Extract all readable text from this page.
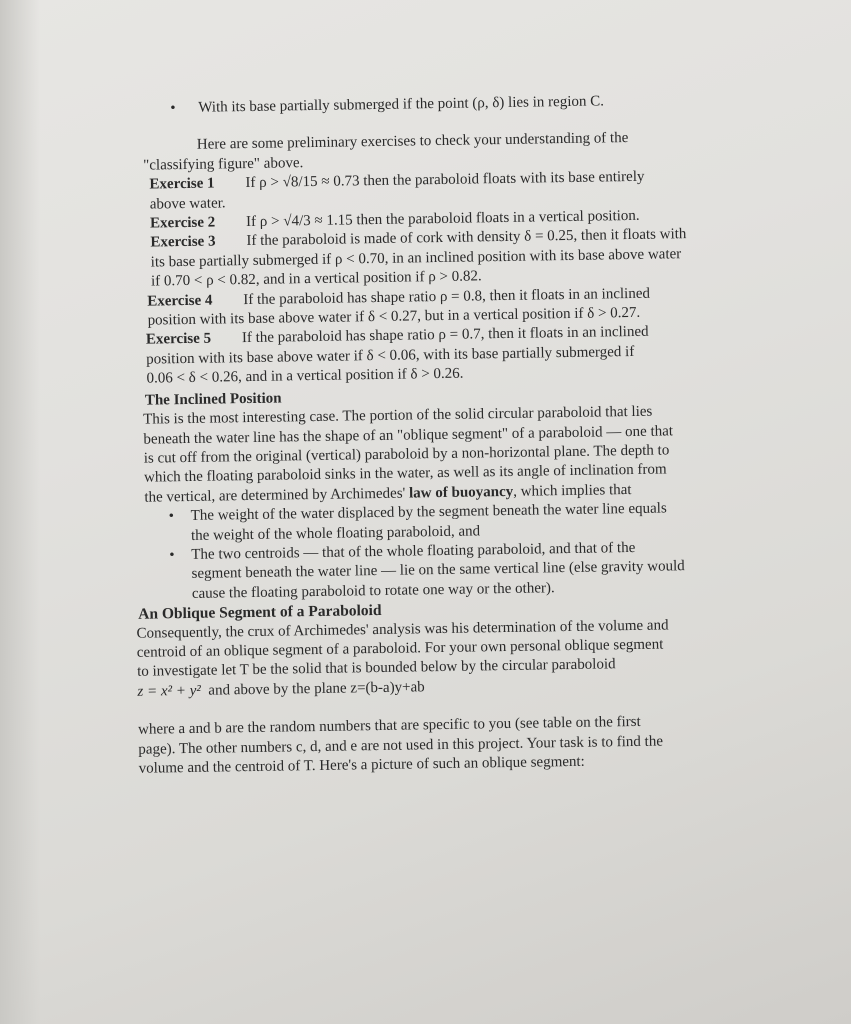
• With its base partially submerged if the point (ρ, δ) lies in region C.
Here are some preliminary exercises to check your understanding of the
"classifying figure" above.
Exercise 1 If ρ > √8/15 ≈ 0.73 then the paraboloid floats with its base entirely
above water.
Exercise 2 If ρ > √4/3 ≈ 1.15 then the paraboloid floats in a vertical position.
Exercise 3 If the paraboloid is made of cork with density δ = 0.25, then it floats with
its base partially submerged if ρ < 0.70, in an inclined position with its base above water
if 0.70 < ρ < 0.82, and in a vertical position if ρ > 0.82.
Exercise 4 If the paraboloid has shape ratio ρ = 0.8, then it floats in an inclined
position with its base above water if δ < 0.27, but in a vertical position if δ > 0.27.
Exercise 5 If the paraboloid has shape ratio ρ = 0.7, then it floats in an inclined
position with its base above water if δ < 0.06, with its base partially submerged if
0.06 < δ < 0.26, and in a vertical position if δ > 0.26.
The Inclined Position
This is the most interesting case. The portion of the solid circular paraboloid that lies
beneath the water line has the shape of an "oblique segment" of a paraboloid — one that
is cut off from the original (vertical) paraboloid by a non-horizontal plane. The depth to
which the floating paraboloid sinks in the water, as well as its angle of inclination from
the vertical, are determined by Archimedes' law of buoyancy, which implies that
• The weight of the water displaced by the segment beneath the water line equals
the weight of the whole floating paraboloid, and
• The two centroids — that of the whole floating paraboloid, and that of the
segment beneath the water line — lie on the same vertical line (else gravity would
cause the floating paraboloid to rotate one way or the other).
An Oblique Segment of a Paraboloid
Consequently, the crux of Archimedes' analysis was his determination of the volume and
centroid of an oblique segment of a paraboloid. For your own personal oblique segment
to investigate let T be the solid that is bounded below by the circular paraboloid
z = x² + y² and above by the plane z=(b-a)y+ab
where a and b are the random numbers that are specific to you (see table on the first
page). The other numbers c, d, and e are not used in this project. Your task is to find the
volume and the centroid of T. Here's a picture of such an oblique segment:
